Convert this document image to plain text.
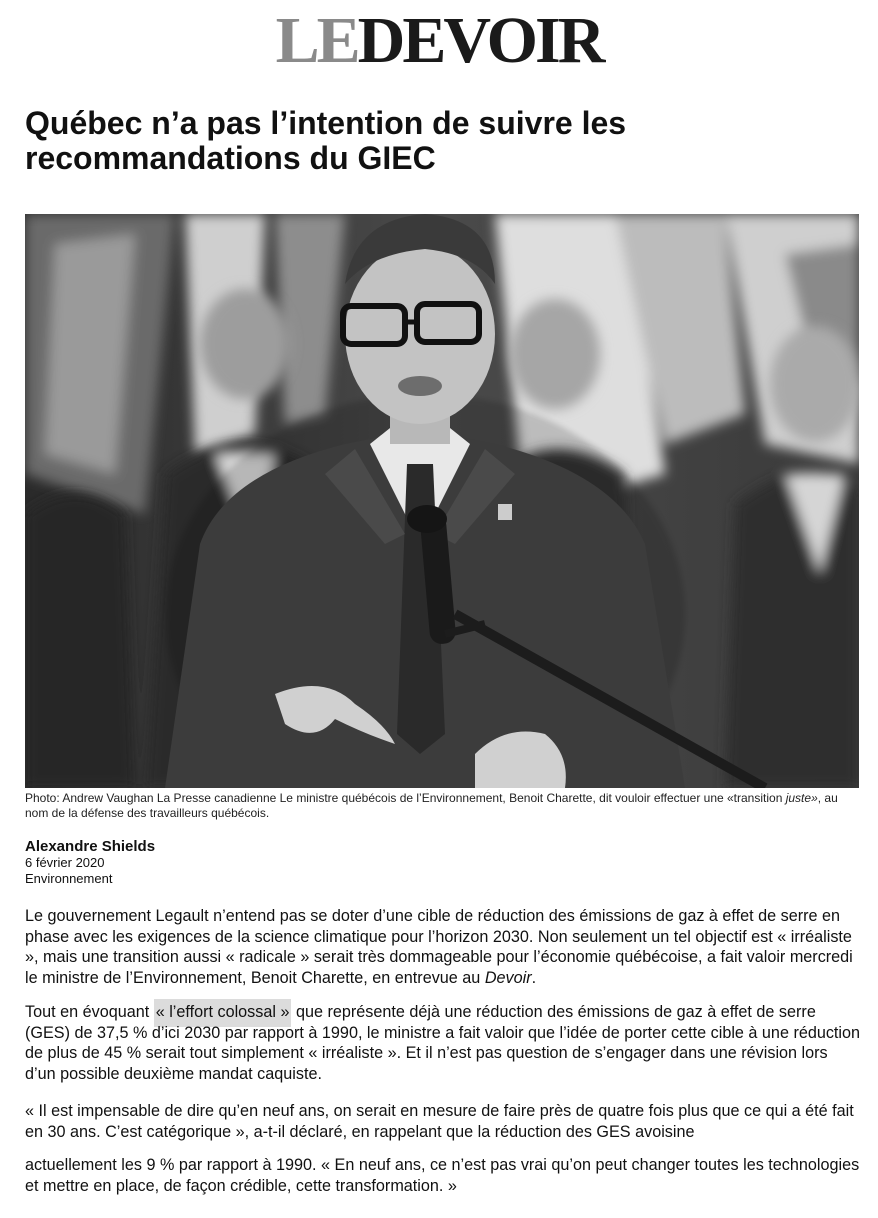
LEDEVOIR
Québec n’a pas l’intention de suivre les
recommandations du GIEC
Photo: Andrew Vaughan La Presse canadienne Le ministre québécois de l’Environnement, Benoit Charette, dit vouloir effectuer une «transition juste», au nom de la défense des travailleurs québécois.
Alexandre Shields
6 février 2020
Environnement
Le gouvernement Legault n’entend pas se doter d’une cible de réduction des émissions de gaz à effet de serre en phase avec les exigences de la science climatique pour l’horizon 2030. Non seulement un tel objectif est « irréaliste », mais une transition aussi « radicale » serait très dommageable pour l’économie québécoise, a fait valoir mercredi le ministre de l’Environnement, Benoit Charette, en entrevue au Devoir.
Tout en évoquant « l’effort colossal » que représente déjà une réduction des émissions de gaz à effet de serre (GES) de 37,5 % d’ici 2030 par rapport à 1990, le ministre a fait valoir que l’idée de porter cette cible à une réduction de plus de 45 % serait tout simplement « irréaliste ». Et il n’est pas question de s’engager dans une révision lors d’un possible deuxième mandat caquiste.
« Il est impensable de dire qu’en neuf ans, on serait en mesure de faire près de quatre fois plus que ce qui a été fait en 30 ans. C’est catégorique », a-t-il déclaré, en rappelant que la réduction des GES avoisine
actuellement les 9 % par rapport à 1990. « En neuf ans, ce n’est pas vrai qu’on peut changer toutes les technologies et mettre en place, de façon crédible, cette transformation. »
